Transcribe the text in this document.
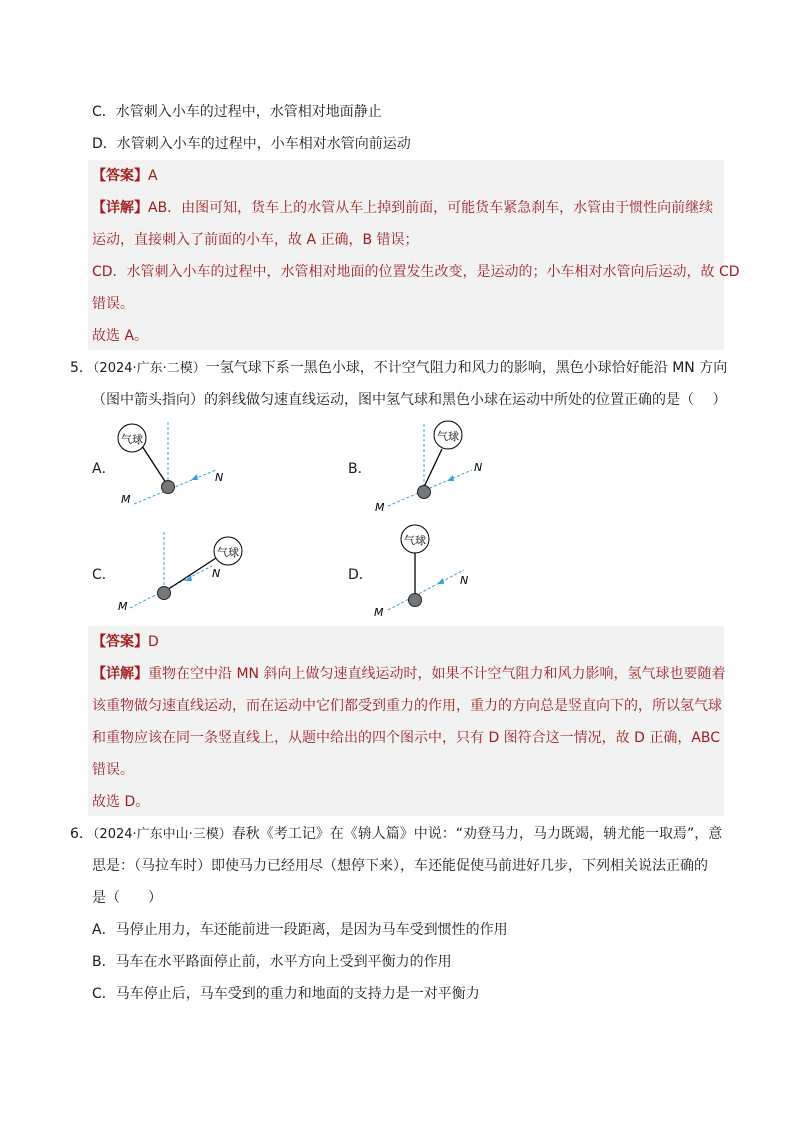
C．水管刺入小车的过程中，水管相对地面静止
D．水管刺入小车的过程中，小车相对水管向前运动
【答案】A
【详解】AB．由图可知，货车上的水管从车上掉到前面，可能货车紧急刹车，水管由于惯性向前继续
运动，直接刺入了前面的小车，故 A 正确，B 错误；
CD．水管刺入小车的过程中，水管相对地面的位置发生改变，是运动的；小车相对水管向后运动，故 CD
错误。
故选 A。
5．（2024·广东·二模）一氢气球下系一黑色小球，不计空气阻力和风力的影响，黑色小球恰好能沿 MN 方向
（图中箭头指向）的斜线做匀速直线运动，图中氢气球和黑色小球在运动中所处的位置正确的是（　 ）
A．	B．
C．	D．
气球
M
N
气球
M
N
气球
M
N
气球
M
N
【答案】D
【详解】重物在空中沿 MN 斜向上做匀速直线运动时，如果不计空气阻力和风力影响，氢气球也要随着
该重物做匀速直线运动，而在运动中它们都受到重力的作用，重力的方向总是竖直向下的，所以氢气球
和重物应该在同一条竖直线上，从题中给出的四个图示中，只有 D 图符合这一情况，故 D 正确，ABC
错误。
故选 D。
6．（2024·广东中山·三模）春秋《考工记》在《辀人篇》中说：“劝登马力，马力既竭，辀尤能一取焉”，意
思是：（马拉车时）即使马力已经用尽（想停下来），车还能促使马前进好几步，下列相关说法正确的
是（　　）
A．马停止用力，车还能前进一段距离，是因为马车受到惯性的作用
B．马车在水平路面停止前，水平方向上受到平衡力的作用
C．马车停止后，马车受到的重力和地面的支持力是一对平衡力
